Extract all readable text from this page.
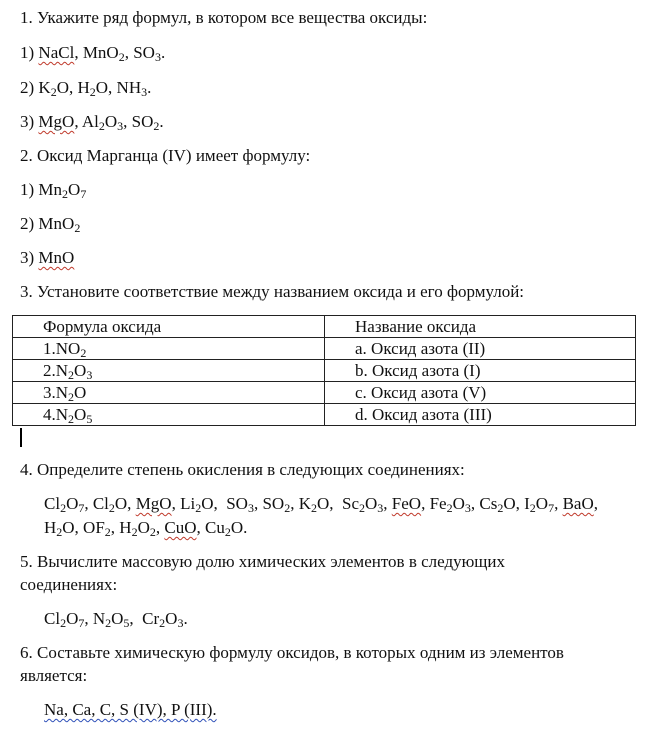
1. Укажите ряд формул, в котором все вещества оксиды:
1) NaCl, MnO$_2$, $SO_3$.
2) $K_2O$, $H_2O$, $NH_3$.
3) MgO, $Al_2O_3$, $SO_2$.
2. Оксид Марганца (IV) имеет формулу:
1) $Mn_2O_7$
2) MnO$_2$
3) MnO
3. Установите соответствие между названием оксида и его формулой:
Формула оксида	Название оксида
$1.NO_2$	a. Оксид азота (II)
$2.N_2O_3$	b. Оксид азота (I)
$3.N_2O$	c. Оксид азота (V)
$4.N_2O_5$	d. Оксид азота (III)
4. Определите степень окисления в следующих соединениях:
$Cl_2O_7$, $Cl_2O$, MgO, $Li_2O$,  $SO_3$, $SO_2$, $K_2O$,  $Sc_2O_3$, FeO, $Fe_2O_3$, $Cs_2O$, $I_2O_7$, BaO,
$H_2O$, $OF_2$, $H_2O_2$, CuO, $Cu_2O$.
5. Вычислите массовую долю химических элементов в следующих
соединениях:
$Cl_2O_7$, $N_2O_5$,  $Cr_2O_3$.
6. Составьте химическую формулу оксидов, в которых одним из элементов
является:
Na, Ca, C, S (IV), P (III).
